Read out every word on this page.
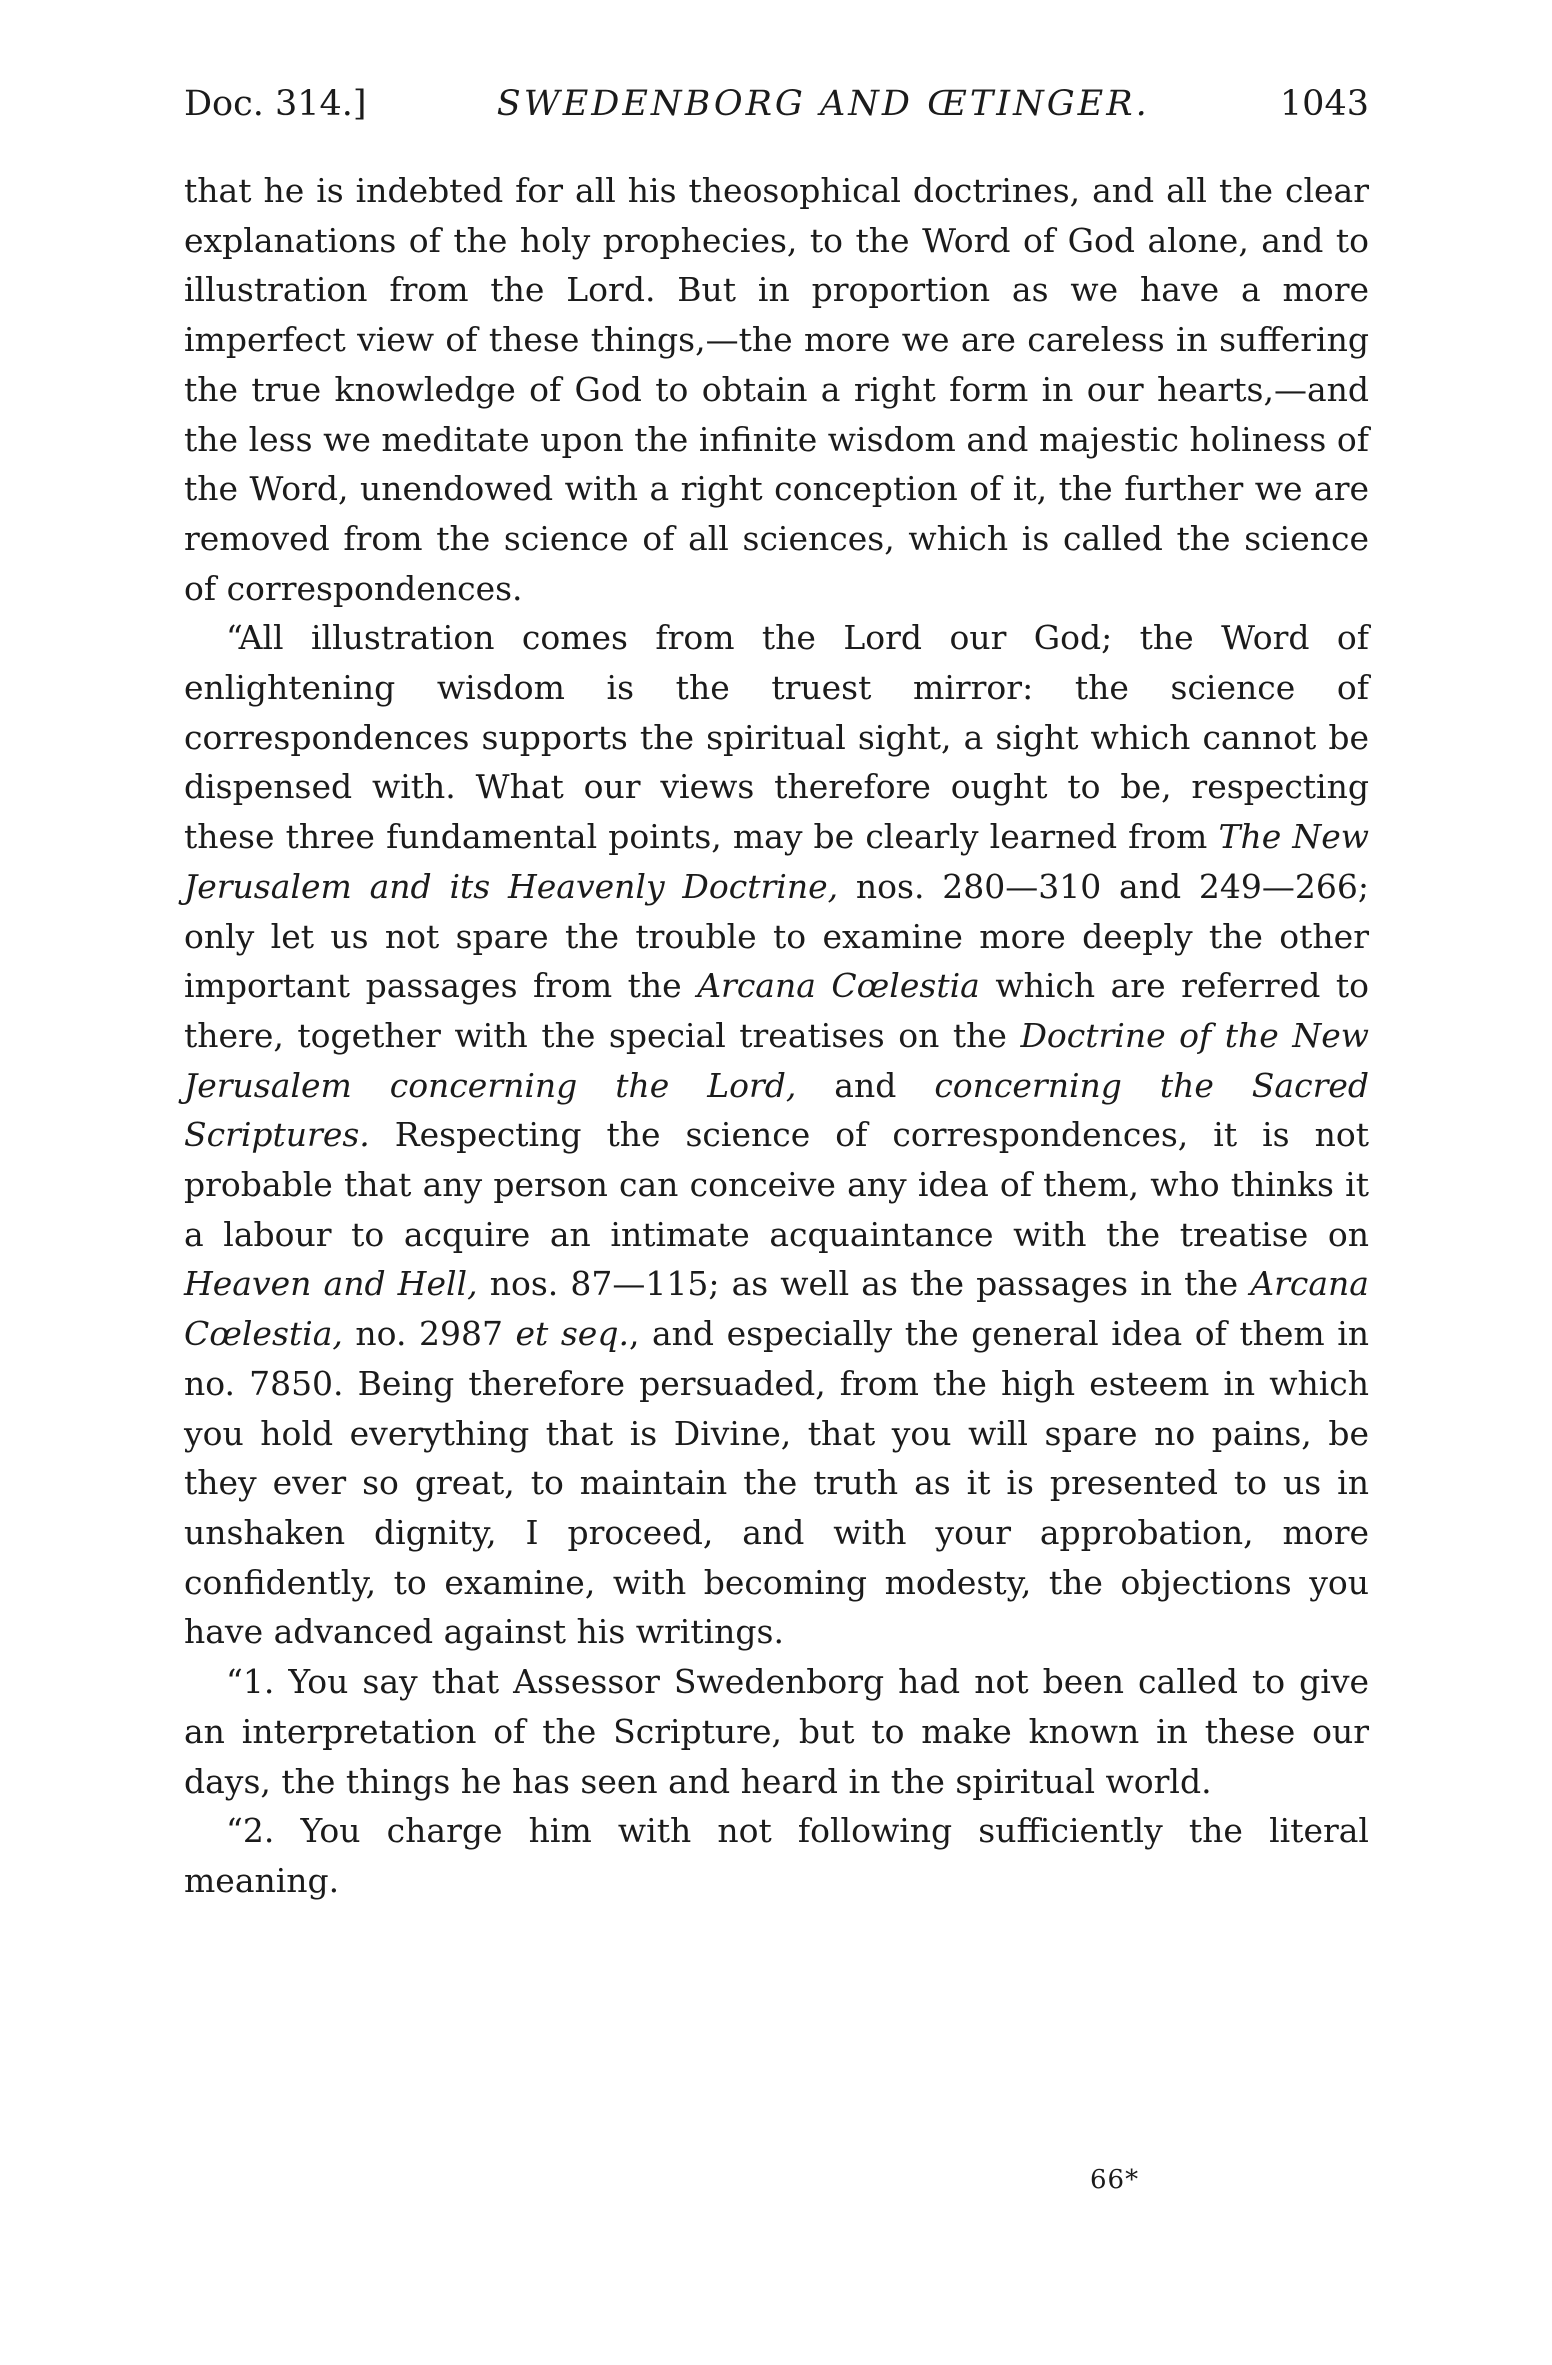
Doc. 314.]	SWEDENBORG AND ŒTINGER.	1043

that he is indebted for all his theosophical doctrines, and all the clear explanations of the holy prophecies, to the Word of God alone, and to illustration from the Lord. But in proportion as we have a more imperfect view of these things,—the more we are careless in suffering the true knowledge of God to obtain a right form in our hearts,—and the less we meditate upon the infinite wisdom and majestic holiness of the Word, unendowed with a right conception of it, the further we are removed from the science of all sciences, which is called the science of correspondences.

“All illustration comes from the Lord our God; the Word of enlightening wisdom is the truest mirror: the science of correspondences supports the spiritual sight, a sight which cannot be dispensed with. What our views therefore ought to be, respecting these three fundamental points, may be clearly learned from The New Jerusalem and its Heavenly Doctrine, nos. 280—310 and 249—266; only let us not spare the trouble to examine more deeply the other important passages from the Arcana Cœlestia which are referred to there, together with the special treatises on the Doctrine of the New Jerusalem concerning the Lord, and concerning the Sacred Scriptures. Respecting the science of correspondences, it is not probable that any person can conceive any idea of them, who thinks it a labour to acquire an intimate acquaintance with the treatise on Heaven and Hell, nos. 87—115; as well as the passages in the Arcana Cœlestia, no. 2987 et seq., and especially the general idea of them in no. 7850. Being therefore persuaded, from the high esteem in which you hold everything that is Divine, that you will spare no pains, be they ever so great, to maintain the truth as it is presented to us in unshaken dignity, I proceed, and with your approbation, more confidently, to examine, with becoming modesty, the objections you have advanced against his writings.

“1. You say that Assessor Swedenborg had not been called to give an interpretation of the Scripture, but to make known in these our days, the things he has seen and heard in the spiritual world.

“2. You charge him with not following sufficiently the literal meaning.

66*
